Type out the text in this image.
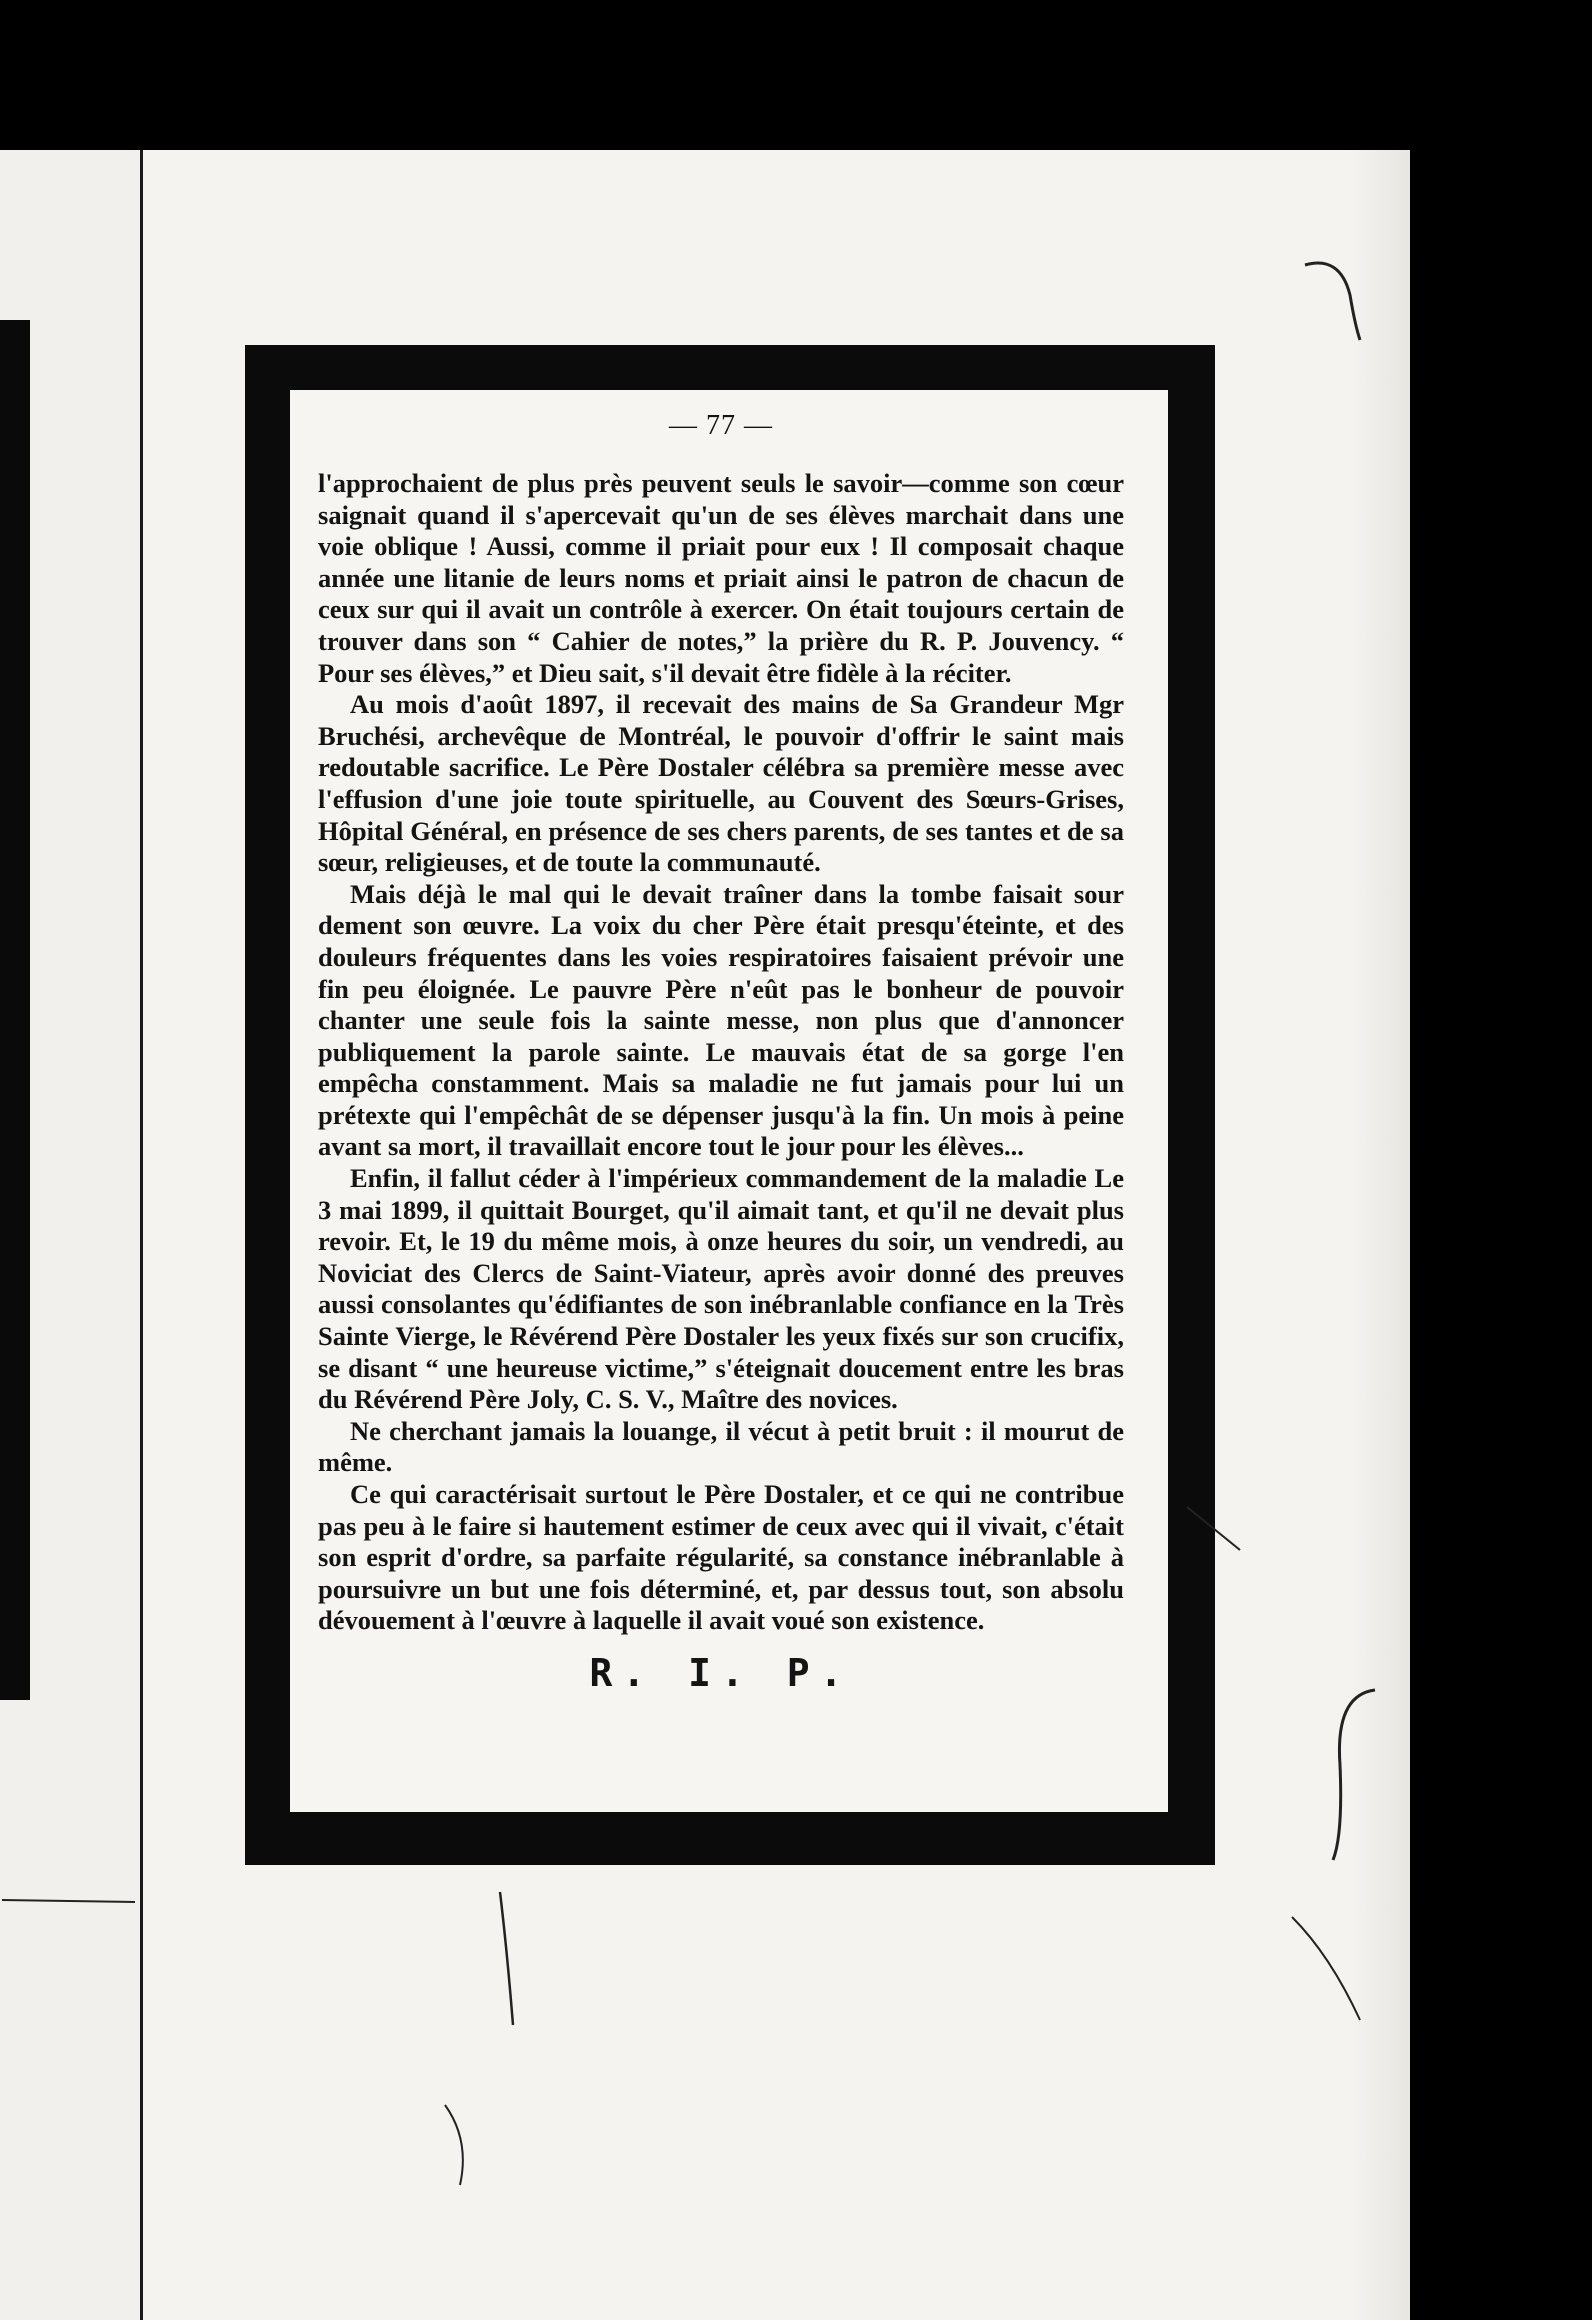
— 77 —

l'approchaient de plus près peuvent seuls le savoir—comme son cœur saignait quand il s'apercevait qu'un de ses élèves marchait dans une voie oblique ! Aussi, comme il priait pour eux ! Il composait chaque année une litanie de leurs noms et priait ainsi le patron de chacun de ceux sur qui il avait un contrôle à exercer. On était toujours certain de trouver dans son “ Cahier de notes,” la prière du R. P. Jouvency. “ Pour ses élèves,” et Dieu sait, s'il devait être fidèle à la réciter.

Au mois d'août 1897, il recevait des mains de Sa Grandeur Mgr Bruchési, archevêque de Montréal, le pouvoir d'offrir le saint mais redoutable sacrifice. Le Père Dostaler célébra sa première messe avec l'effusion d'une joie toute spirituelle, au Couvent des Sœurs-Grises, Hôpital Général, en présence de ses chers parents, de ses tantes et de sa sœur, religieuses, et de toute la communauté.

Mais déjà le mal qui le devait traîner dans la tombe faisait sour dement son œuvre. La voix du cher Père était presqu'éteinte, et des douleurs fréquentes dans les voies respiratoires faisaient prévoir une fin peu éloignée. Le pauvre Père n'eût pas le bonheur de pouvoir chanter une seule fois la sainte messe, non plus que d'annoncer publiquement la parole sainte. Le mauvais état de sa gorge l'en empêcha constamment. Mais sa maladie ne fut jamais pour lui un prétexte qui l'empêchât de se dépenser jusqu'à la fin. Un mois à peine avant sa mort, il travaillait encore tout le jour pour les élèves...

Enfin, il fallut céder à l'impérieux commandement de la maladie Le 3 mai 1899, il quittait Bourget, qu'il aimait tant, et qu'il ne devait plus revoir. Et, le 19 du même mois, à onze heures du soir, un vendredi, au Noviciat des Clercs de Saint-Viateur, après avoir donné des preuves aussi consolantes qu'édifiantes de son inébranlable confiance en la Très Sainte Vierge, le Révérend Père Dostaler les yeux fixés sur son crucifix, se disant “ une heureuse victime,” s'éteignait doucement entre les bras du Révérend Père Joly, C. S. V., Maître des novices.

Ne cherchant jamais la louange, il vécut à petit bruit : il mourut de même.

Ce qui caractérisait surtout le Père Dostaler, et ce qui ne contribue pas peu à le faire si hautement estimer de ceux avec qui il vivait, c'était son esprit d'ordre, sa parfaite régularité, sa constance inébranlable à poursuivre un but une fois déterminé, et, par dessus tout, son absolu dévouement à l'œuvre à laquelle il avait voué son existence.

R. I. P.
